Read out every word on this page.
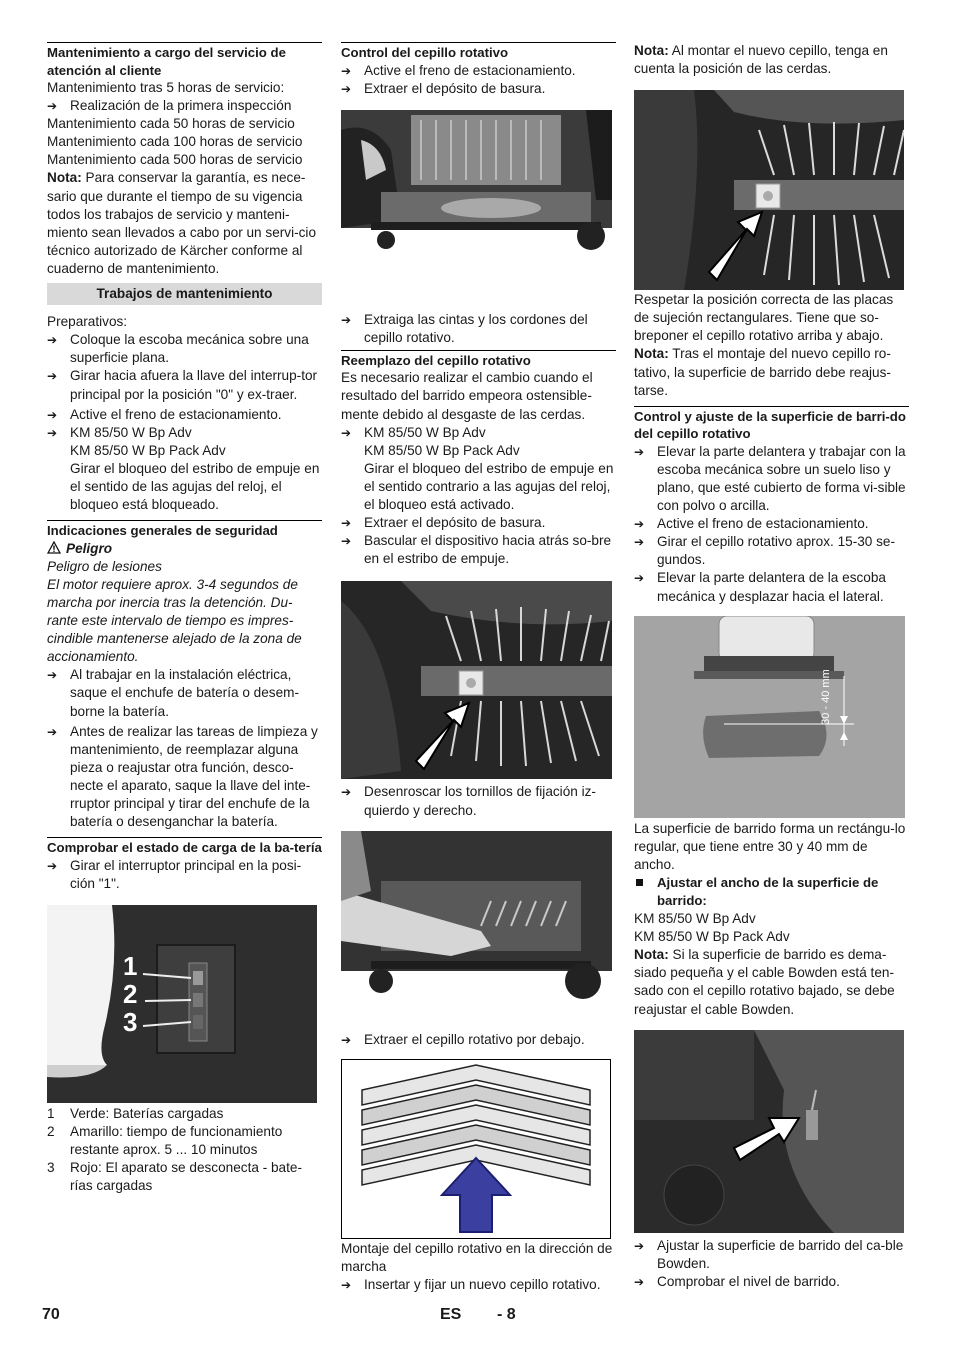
Mantenimiento a cargo del servicio de atención al cliente

Mantenimiento tras 5 horas de servicio:

➔ Realización de la primera inspección

Mantenimiento cada 50 horas de servicio

Mantenimiento cada 100 horas de servicio

Mantenimiento cada 500 horas de servicio

Nota: Para conservar la garantía, es nece-sario que durante el tiempo de su vigencia todos los trabajos de servicio y manteni-miento sean llevados a cabo por un servi-cio técnico autorizado de Kärcher conforme al cuaderno de mantenimiento.

Trabajos de mantenimiento

Preparativos:

➔ Coloque la escoba mecánica sobre una superficie plana.

➔ Girar hacia afuera la llave del interrup-tor principal por la posición "0" y ex-traer.

➔ Active el freno de estacionamiento.

➔ KM 85/50 W Bp Adv

KM 85/50 W Bp Pack Adv

Girar el bloqueo del estribo de empuje en el sentido de las agujas del reloj, el bloqueo está bloqueado.

Indicaciones generales de seguridad

Peligro

Peligro de lesiones

El motor requiere aprox. 3-4 segundos de marcha por inercia tras la detención. Du-rante este intervalo de tiempo es impres-cindible mantenerse alejado de la zona de accionamiento.

➔ Al trabajar en la instalación eléctrica, saque el enchufe de batería o desem-borne la batería.

➔ Antes de realizar las tareas de limpieza y mantenimiento, de reemplazar alguna pieza o reajustar otra función, desco-necte el aparato, saque la llave del inte-rruptor principal y tirar del enchufe de la batería o desenganchar la batería.

Comprobar el estado de carga de la ba-tería

➔ Girar el interruptor principal en la posi-ción "1".

1
2
3

1 Verde: Baterías cargadas

2 Amarillo: tiempo de funcionamiento restante aprox. 5 ... 10 minutos

3 Rojo: El aparato se desconecta - bate-rías cargadas

Control del cepillo rotativo

➔ Active el freno de estacionamiento.

➔ Extraer el depósito de basura.

➔ Extraiga las cintas y los cordones del cepillo rotativo.

Reemplazo del cepillo rotativo

Es necesario realizar el cambio cuando el resultado del barrido empeora ostensible-mente debido al desgaste de las cerdas.

➔ KM 85/50 W Bp Adv

KM 85/50 W Bp Pack Adv

Girar el bloqueo del estribo de empuje en el sentido contrario a las agujas del reloj, el bloqueo está activado.

➔ Extraer el depósito de basura.

➔ Bascular el dispositivo hacia atrás so-bre en el estribo de empuje.

➔ Desenroscar los tornillos de fijación iz-quierdo y derecho.

➔ Extraer el cepillo rotativo por debajo.

Montaje del cepillo rotativo en la dirección de marcha

➔ Insertar y fijar un nuevo cepillo rotativo.

Nota: Al montar el nuevo cepillo, tenga en cuenta la posición de las cerdas.

Respetar la posición correcta de las placas de sujeción rectangulares. Tiene que so-breponer el cepillo rotativo arriba y abajo.

Nota: Tras el montaje del nuevo cepillo ro-tativo, la superficie de barrido debe reajus-tarse.

Control y ajuste de la superficie de barri-do del cepillo rotativo

➔ Elevar la parte delantera y trabajar con la escoba mecánica sobre un suelo liso y plano, que esté cubierto de forma vi-sible con polvo o arcilla.

➔ Active el freno de estacionamiento.

➔ Girar el cepillo rotativo aprox. 15-30 se-gundos.

➔ Elevar la parte delantera de la escoba mecánica y desplazar hacia el lateral.

30 - 40 mm

La superficie de barrido forma un rectángu-lo regular, que tiene entre 30 y 40 mm de ancho.

Ajustar el ancho de la superficie de barrido:

KM 85/50 W Bp Adv

KM 85/50 W Bp Pack Adv

Nota: Si la superficie de barrido es dema-siado pequeña y el cable Bowden está ten-sado con el cepillo rotativo bajado, se debe reajustar el cable Bowden.

➔ Ajustar la superficie de barrido del ca-ble Bowden.

➔ Comprobar el nivel de barrido.

70	ES - 8
